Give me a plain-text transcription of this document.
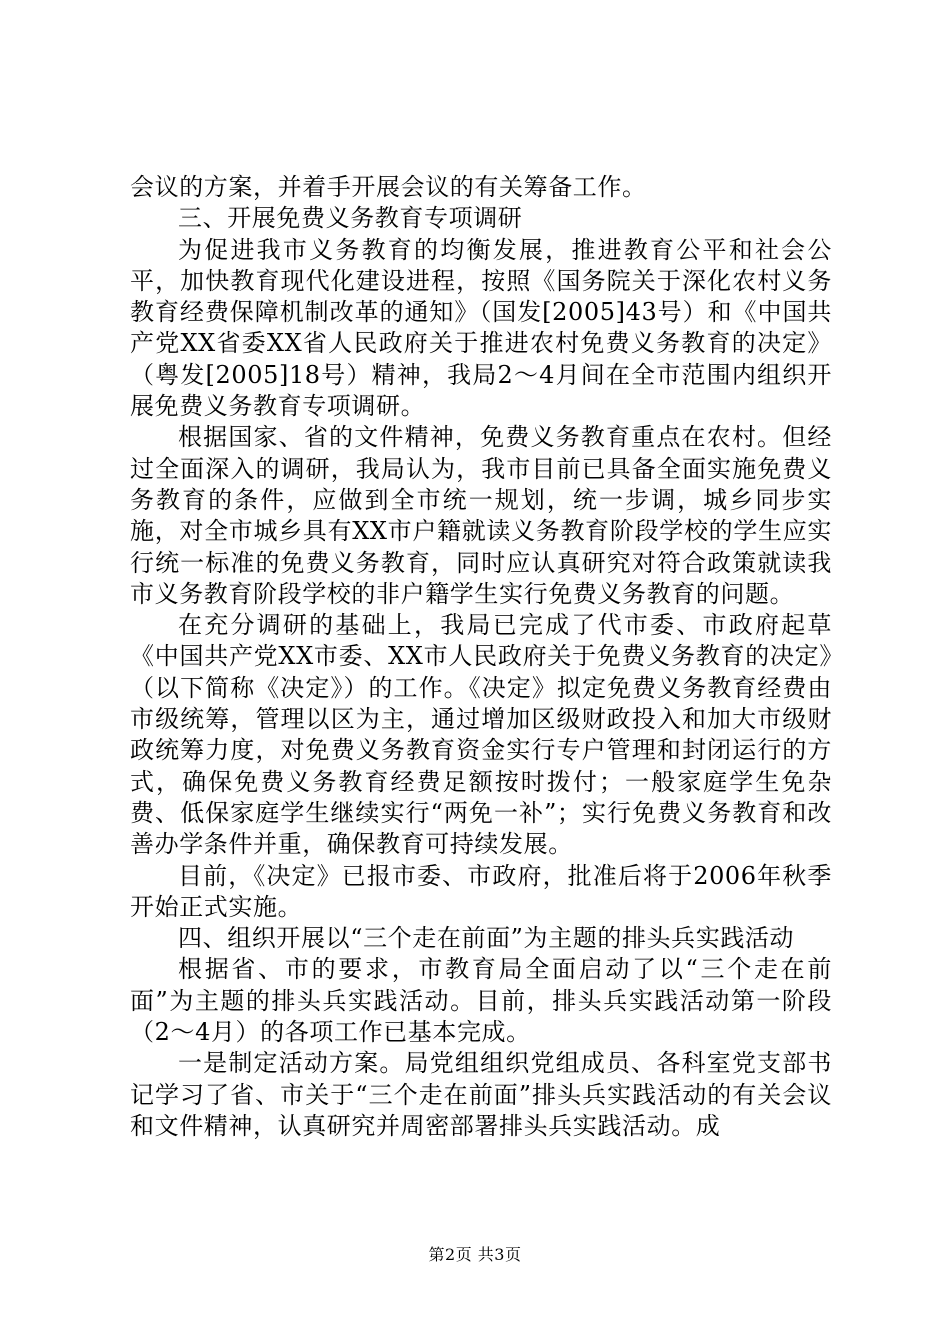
会议的方案，并着手开展会议的有关筹备工作。

三、开展免费义务教育专项调研

为促进我市义务教育的均衡发展，推进教育公平和社会公平，加快教育现代化建设进程，按照《国务院关于深化农村义务教育经费保障机制改革的通知》（国发[2005]43号）和《中国共产党XX省委XX省人民政府关于推进农村免费义务教育的决定》（粤发[2005]18号）精神，我局2～4月间在全市范围内组织开展免费义务教育专项调研。

根据国家、省的文件精神，免费义务教育重点在农村。但经过全面深入的调研，我局认为，我市目前已具备全面实施免费义务教育的条件，应做到全市统一规划，统一步调，城乡同步实施，对全市城乡具有XX市户籍就读义务教育阶段学校的学生应实行统一标准的免费义务教育，同时应认真研究对符合政策就读我市义务教育阶段学校的非户籍学生实行免费义务教育的问题。

在充分调研的基础上，我局已完成了代市委、市政府起草《中国共产党XX市委、XX市人民政府关于免费义务教育的决定》（以下简称《决定》）的工作。《决定》拟定免费义务教育经费由市级统筹，管理以区为主，通过增加区级财政投入和加大市级财政统筹力度，对免费义务教育资金实行专户管理和封闭运行的方式，确保免费义务教育经费足额按时拨付；一般家庭学生免杂费、低保家庭学生继续实行“两免一补”；实行免费义务教育和改善办学条件并重，确保教育可持续发展。

目前，《决定》已报市委、市政府，批准后将于2006年秋季开始正式实施。

四、组织开展以“三个走在前面”为主题的排头兵实践活动

根据省、市的要求，市教育局全面启动了以“三个走在前面”为主题的排头兵实践活动。目前，排头兵实践活动第一阶段（2～4月）的各项工作已基本完成。

一是制定活动方案。局党组组织党组成员、各科室党支部书记学习了省、市关于“三个走在前面”排头兵实践活动的有关会议和文件精神，认真研究并周密部署排头兵实践活动。成

第2页 共3页
